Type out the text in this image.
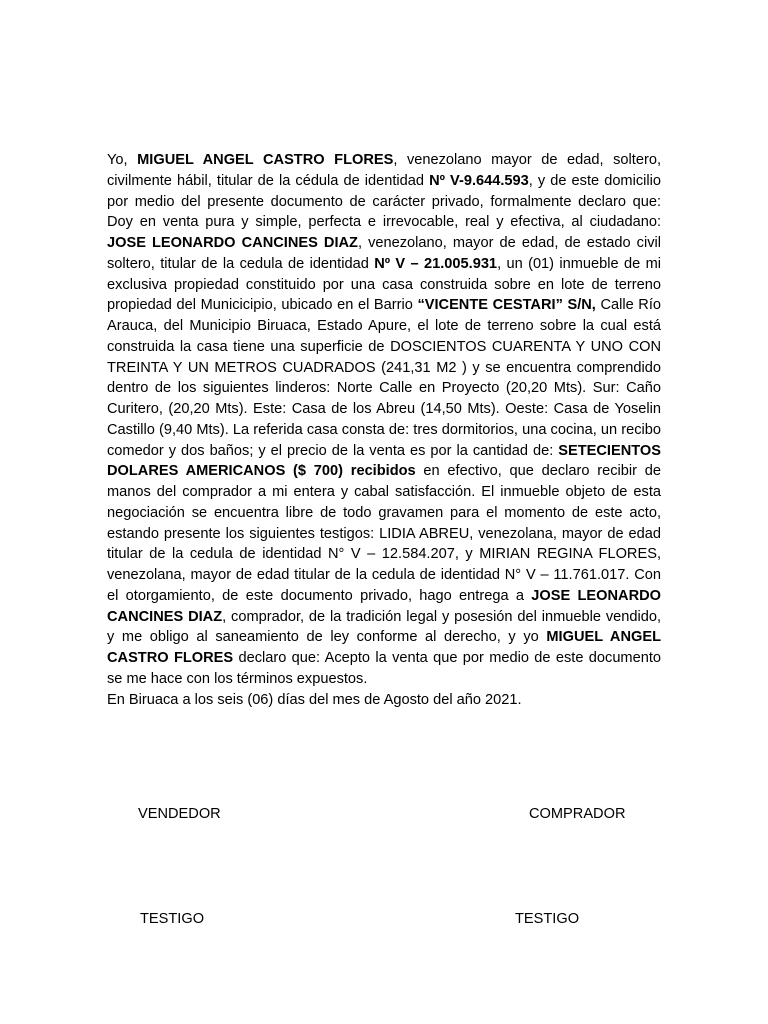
Yo, MIGUEL ANGEL CASTRO FLORES, venezolano mayor de edad, soltero, civilmente hábil, titular de la cédula de identidad Nº V-9.644.593, y de este domicilio por medio del presente documento de carácter privado, formalmente declaro que: Doy en venta pura y simple, perfecta e irrevocable, real y efectiva, al ciudadano: JOSE LEONARDO CANCINES DIAZ, venezolano, mayor de edad, de estado civil soltero, titular de la cedula de identidad Nº V – 21.005.931, un (01) inmueble de mi exclusiva propiedad constituido por una casa construida sobre en lote de terreno propiedad del Municicipio, ubicado en el Barrio “VICENTE CESTARI” S/N, Calle Río Arauca, del Municipio Biruaca, Estado Apure, el lote de terreno sobre la cual está construida la casa tiene una superficie de DOSCIENTOS CUARENTA Y UNO CON TREINTA Y UN METROS CUADRADOS (241,31 M2 ) y se encuentra comprendido dentro de los siguientes linderos: Norte Calle en Proyecto (20,20 Mts). Sur: Caño Curitero, (20,20 Mts). Este: Casa de los Abreu (14,50 Mts). Oeste: Casa de Yoselin Castillo (9,40 Mts). La referida casa consta de: tres dormitorios, una cocina, un recibo comedor y dos baños; y el precio de la venta es por la cantidad de: SETECIENTOS DOLARES AMERICANOS ($ 700) recibidos en efectivo, que declaro recibir de manos del comprador a mi entera y cabal satisfacción. El inmueble objeto de esta negociación se encuentra libre de todo gravamen para el momento de este acto, estando presente los siguientes testigos: LIDIA ABREU, venezolana, mayor de edad titular de la cedula de identidad N° V – 12.584.207, y MIRIAN REGINA FLORES, venezolana, mayor de edad titular de la cedula de identidad N° V – 11.761.017. Con el otorgamiento, de este documento privado, hago entrega a JOSE LEONARDO CANCINES DIAZ, comprador, de la tradición legal y posesión del inmueble vendido, y me obligo al saneamiento de ley conforme al derecho, y yo MIGUEL ANGEL CASTRO FLORES declaro que: Acepto la venta que por medio de este documento se me hace con los términos expuestos.

En Biruaca a los seis (06) días del mes de Agosto del año 2021.

VENDEDOR	COMPRADOR
TESTIGO	TESTIGO
